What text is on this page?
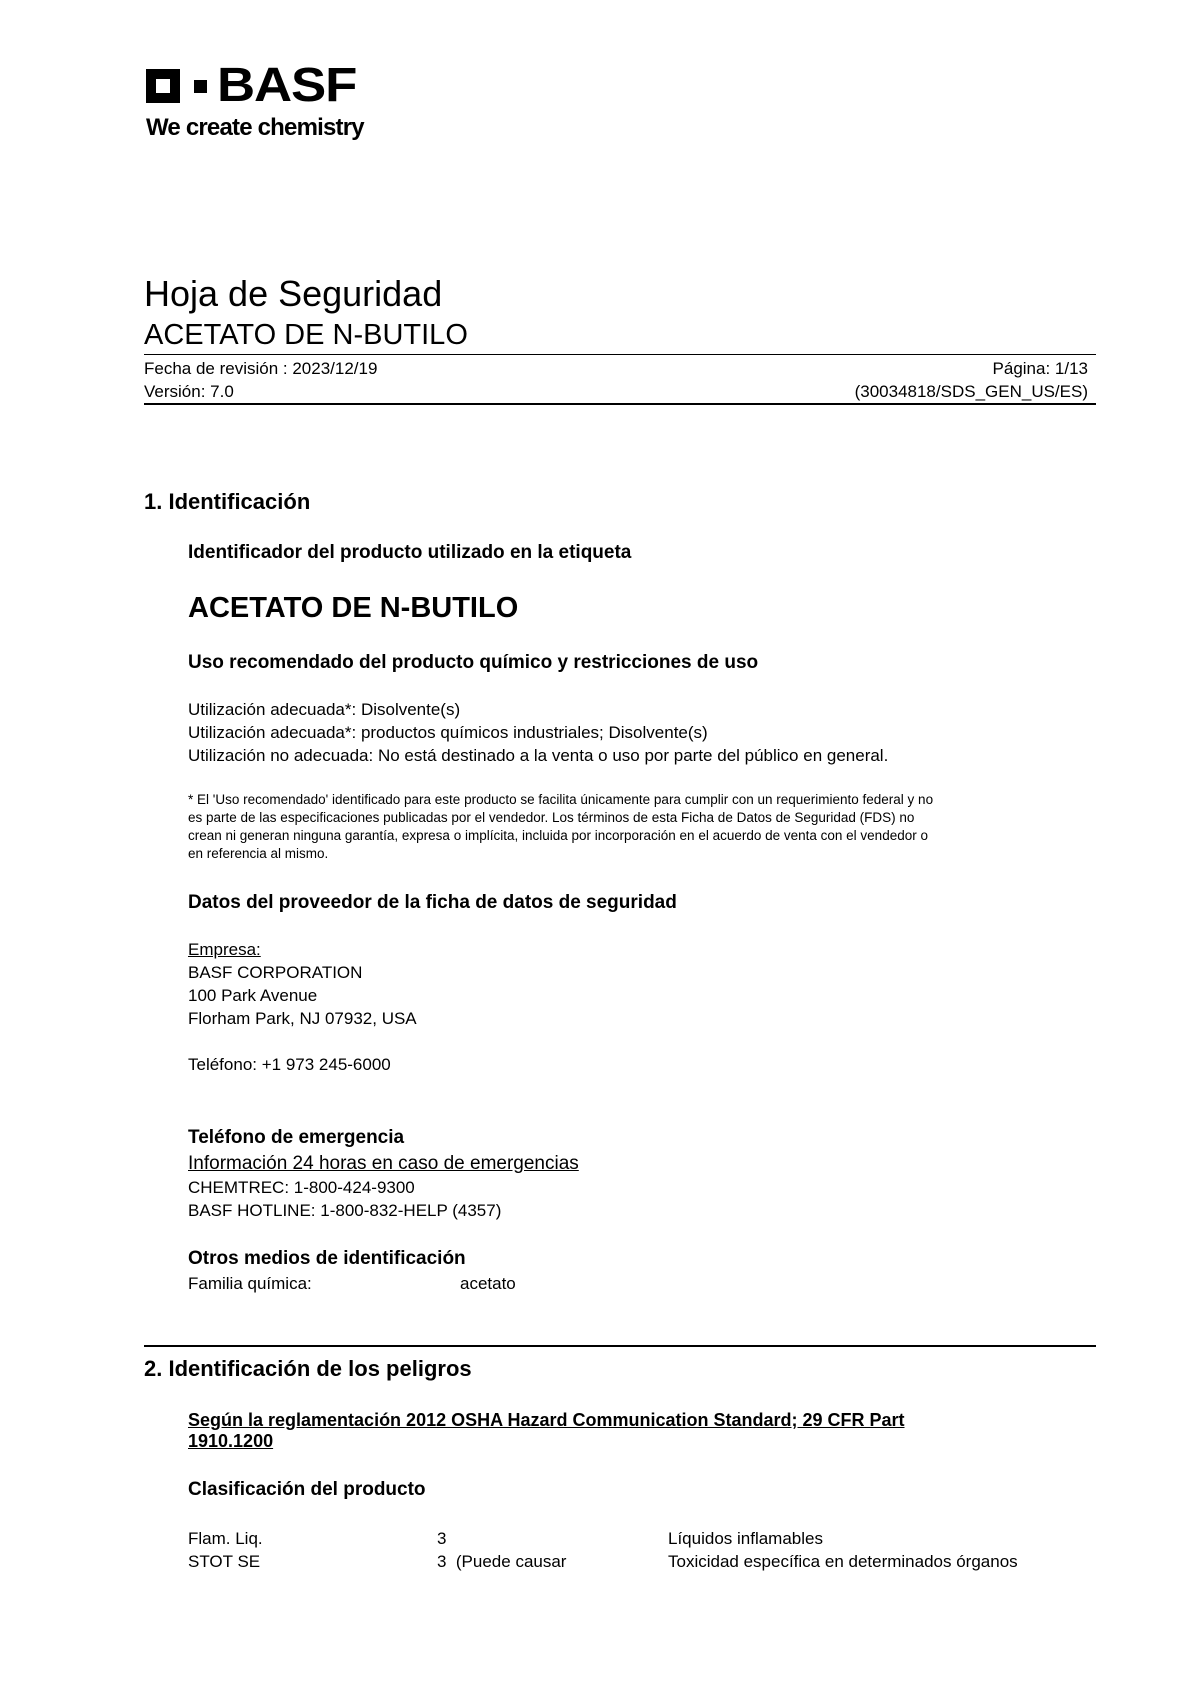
BASF
We create chemistry
Hoja de Seguridad
ACETATO DE N-BUTILO
Fecha de revisión : 2023/12/19	Página: 1/13
Versión: 7.0	(30034818/SDS_GEN_US/ES)
1. Identificación
Identificador del producto utilizado en la etiqueta
ACETATO DE N-BUTILO
Uso recomendado del producto químico y restricciones de uso
Utilización adecuada*: Disolvente(s)
Utilización adecuada*: productos químicos industriales; Disolvente(s)
Utilización no adecuada: No está destinado a la venta o uso por parte del público en general.
* El 'Uso recomendado' identificado para este producto se facilita únicamente para cumplir con un requerimiento federal y no
es parte de las especificaciones publicadas por el vendedor. Los términos de esta Ficha de Datos de Seguridad (FDS) no
crean ni generan ninguna garantía, expresa o implícita, incluida por incorporación en el acuerdo de venta con el vendedor o
en referencia al mismo.
Datos del proveedor de la ficha de datos de seguridad
Empresa:
BASF CORPORATION
100 Park Avenue
Florham Park, NJ 07932, USA
Teléfono: +1 973 245-6000
Teléfono de emergencia
Información 24 horas en caso de emergencias
CHEMTREC: 1-800-424-9300
BASF HOTLINE: 1-800-832-HELP (4357)
Otros medios de identificación
Familia química:	acetato
2. Identificación de los peligros
Según la reglamentación 2012 OSHA Hazard Communication Standard; 29 CFR Part
1910.1200
Clasificación del producto
Flam. Liq.	3	Líquidos inflamables
STOT SE	3  (Puede causar	Toxicidad específica en determinados órganos
